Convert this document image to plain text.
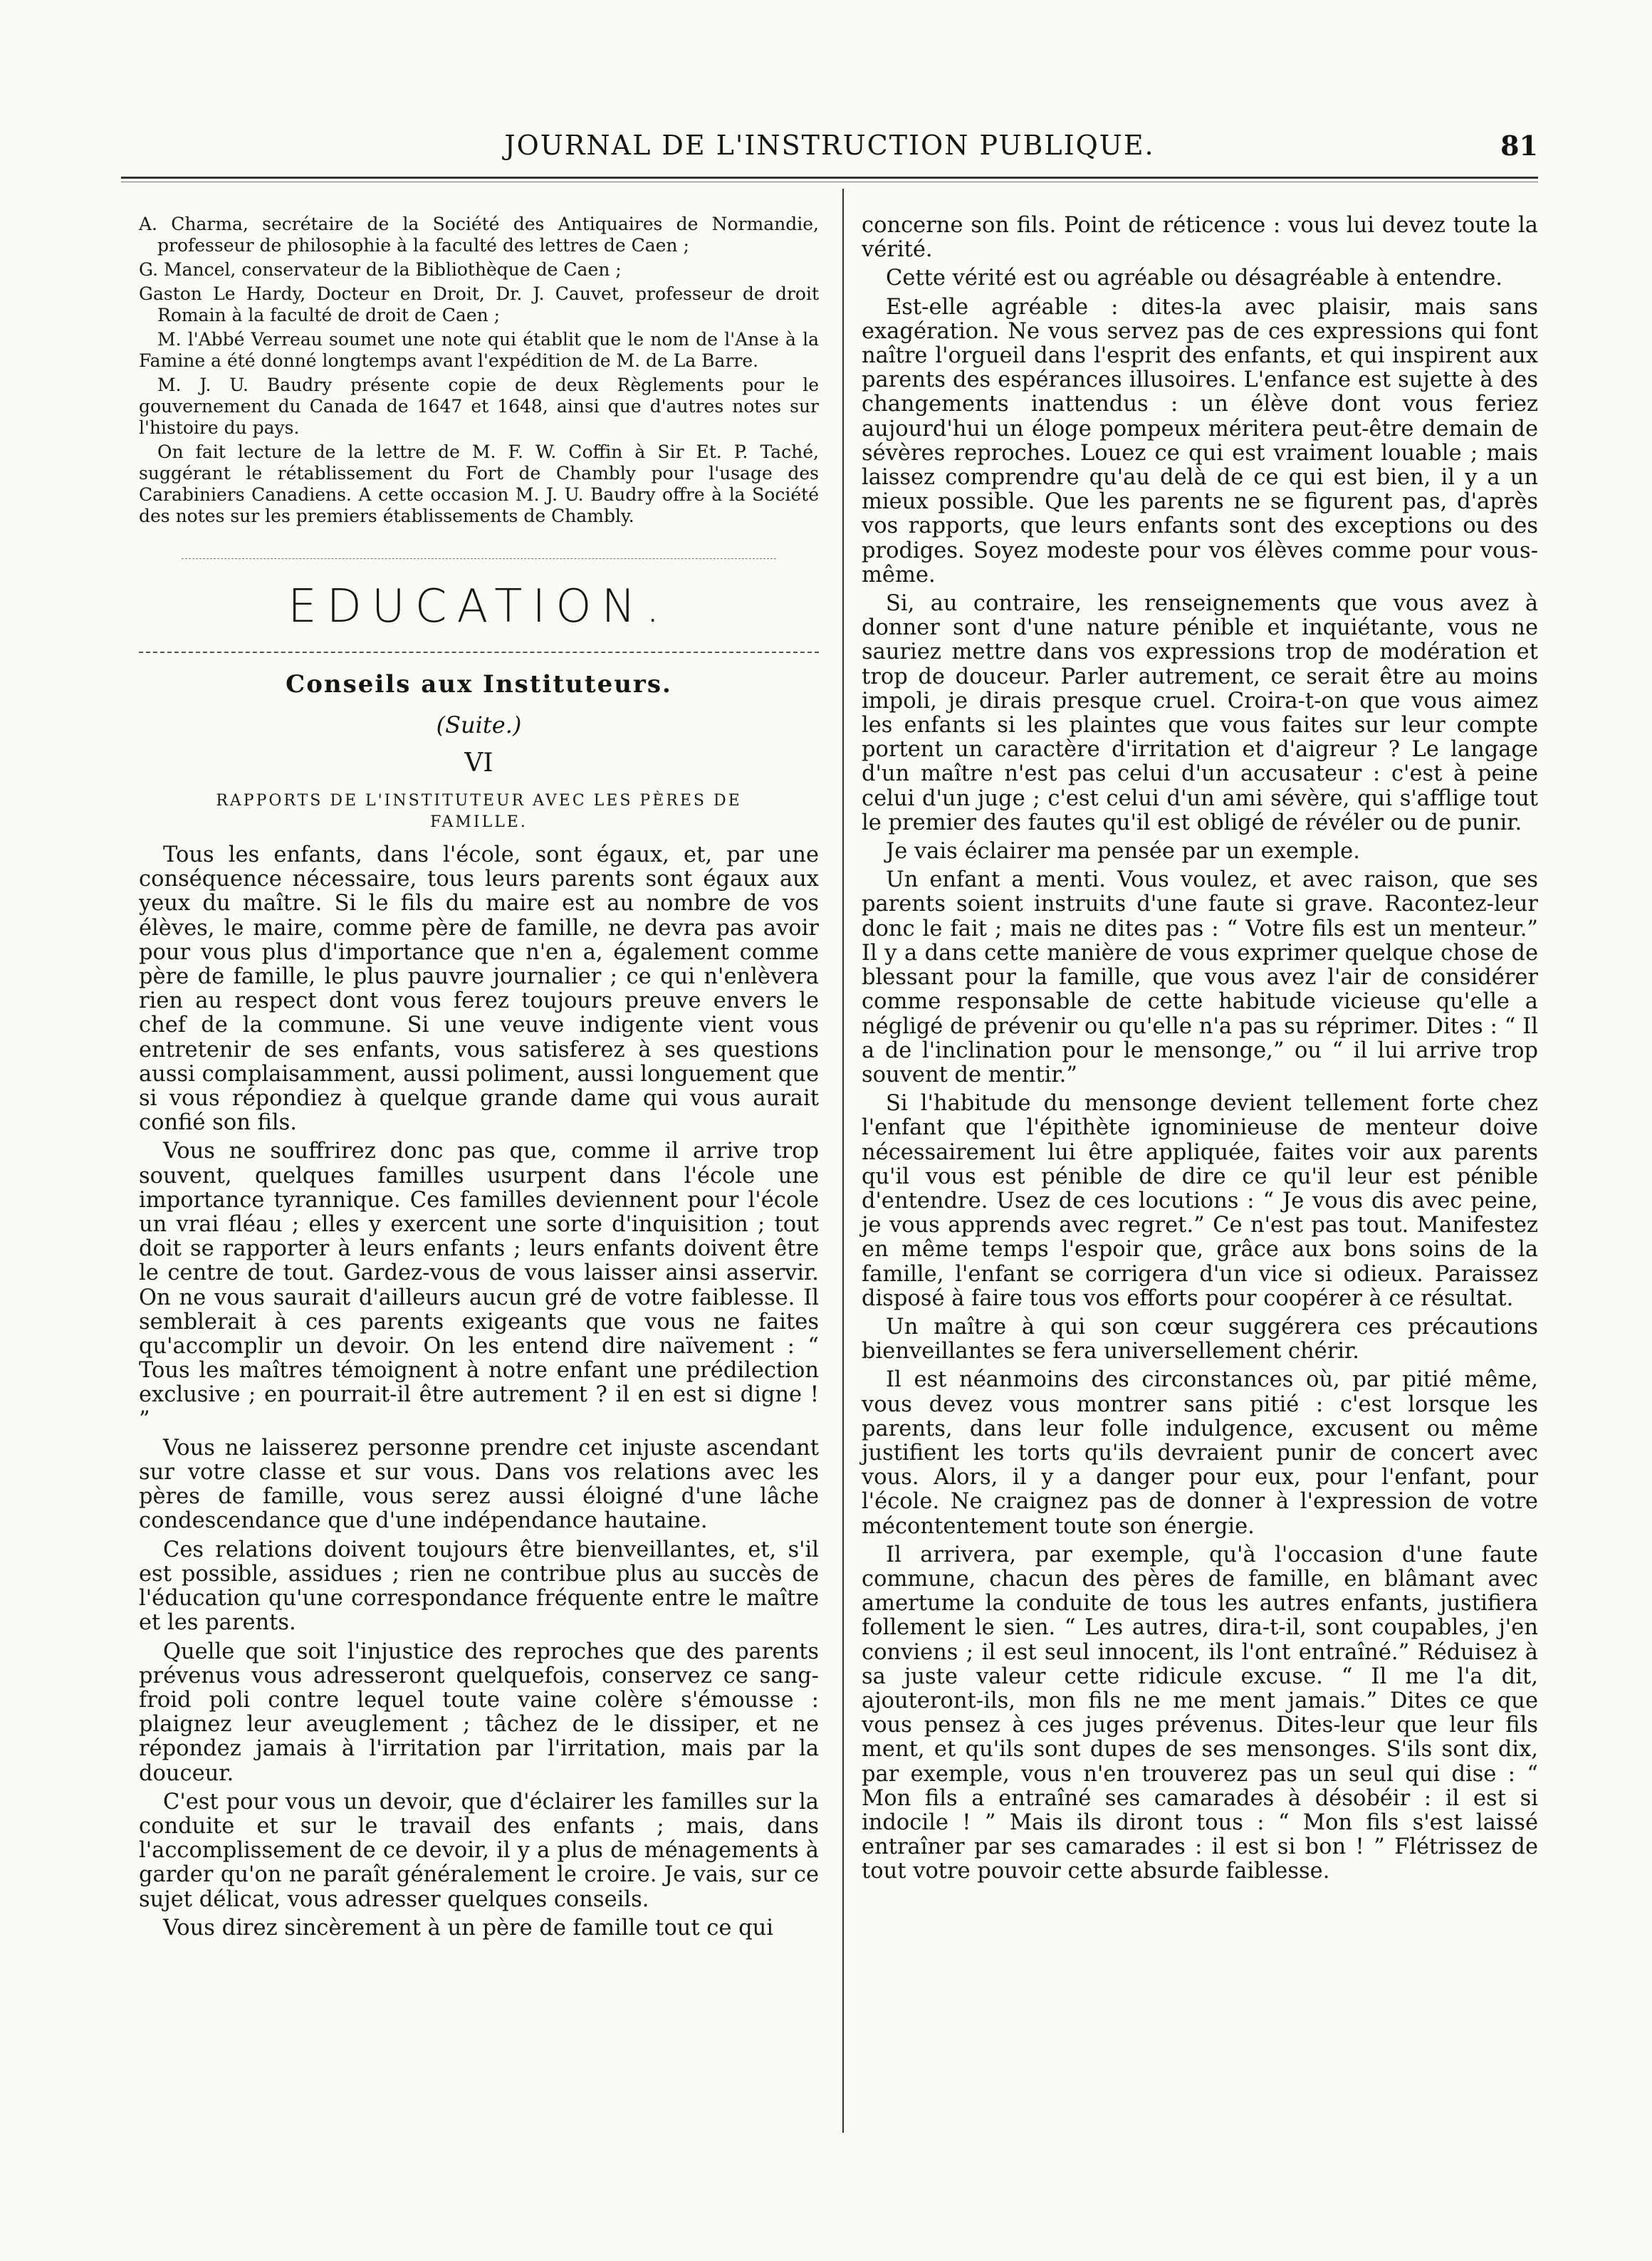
JOURNAL DE L'INSTRUCTION PUBLIQUE.	81

A. Charma, secrétaire de la Société des Antiquaires de Normandie, professeur de philosophie à la faculté des lettres de Caen ;

G. Mancel, conservateur de la Bibliothèque de Caen ;

Gaston Le Hardy, Docteur en Droit, Dr. J. Cauvet, professeur de droit Romain à la faculté de droit de Caen ;

M. l'Abbé Verreau soumet une note qui établit que le nom de l'Anse à la Famine a été donné longtemps avant l'expédition de M. de La Barre.

M. J. U. Baudry présente copie de deux Règlements pour le gouvernement du Canada de 1647 et 1648, ainsi que d'autres notes sur l'histoire du pays.

On fait lecture de la lettre de M. F. W. Coffin à Sir Et. P. Taché, suggérant le rétablissement du Fort de Chambly pour l'usage des Carabiniers Canadiens. A cette occasion M. J. U. Baudry offre à la Société des notes sur les premiers établissements de Chambly.

EDUCATION.
Conseils aux Instituteurs.
(Suite.)
VI
RAPPORTS DE L'INSTITUTEUR AVEC LES PÈRES DE FAMILLE.

Tous les enfants, dans l'école, sont égaux, et, par une conséquence nécessaire, tous leurs parents sont égaux aux yeux du maître. Si le fils du maire est au nombre de vos élèves, le maire, comme père de famille, ne devra pas avoir pour vous plus d'importance que n'en a, également comme père de famille, le plus pauvre journalier ; ce qui n'enlèvera rien au respect dont vous ferez toujours preuve envers le chef de la commune. Si une veuve indigente vient vous entretenir de ses enfants, vous satisferez à ses questions aussi complaisamment, aussi poliment, aussi longuement que si vous répondiez à quelque grande dame qui vous aurait confié son fils.

Vous ne souffrirez donc pas que, comme il arrive trop souvent, quelques familles usurpent dans l'école une importance tyrannique. Ces familles deviennent pour l'école un vrai fléau ; elles y exercent une sorte d'inquisition ; tout doit se rapporter à leurs enfants ; leurs enfants doivent être le centre de tout. Gardez-vous de vous laisser ainsi asservir. On ne vous saurait d'ailleurs aucun gré de votre faiblesse. Il semblerait à ces parents exigeants que vous ne faites qu'accomplir un devoir. On les entend dire naïvement : “ Tous les maîtres témoignent à notre enfant une prédilection exclusive ; en pourrait-il être autrement ? il en est si digne ! ”

Vous ne laisserez personne prendre cet injuste ascendant sur votre classe et sur vous. Dans vos relations avec les pères de famille, vous serez aussi éloigné d'une lâche condescendance que d'une indépendance hautaine.

Ces relations doivent toujours être bienveillantes, et, s'il est possible, assidues ; rien ne contribue plus au succès de l'éducation qu'une correspondance fréquente entre le maître et les parents.

Quelle que soit l'injustice des reproches que des parents prévenus vous adresseront quelquefois, conservez ce sang-froid poli contre lequel toute vaine colère s'émousse : plaignez leur aveuglement ; tâchez de le dissiper, et ne répondez jamais à l'irritation par l'irritation, mais par la douceur.

C'est pour vous un devoir, que d'éclairer les familles sur la conduite et sur le travail des enfants ; mais, dans l'accomplissement de ce devoir, il y a plus de ménagements à garder qu'on ne paraît généralement le croire. Je vais, sur ce sujet délicat, vous adresser quelques conseils.

Vous direz sincèrement à un père de famille tout ce qui

concerne son fils. Point de réticence : vous lui devez toute la vérité.

Cette vérité est ou agréable ou désagréable à entendre.

Est-elle agréable : dites-la avec plaisir, mais sans exagération. Ne vous servez pas de ces expressions qui font naître l'orgueil dans l'esprit des enfants, et qui inspirent aux parents des espérances illusoires. L'enfance est sujette à des changements inattendus : un élève dont vous feriez aujourd'hui un éloge pompeux méritera peut-être demain de sévères reproches. Louez ce qui est vraiment louable ; mais laissez comprendre qu'au delà de ce qui est bien, il y a un mieux possible. Que les parents ne se figurent pas, d'après vos rapports, que leurs enfants sont des exceptions ou des prodiges. Soyez modeste pour vos élèves comme pour vous-même.

Si, au contraire, les renseignements que vous avez à donner sont d'une nature pénible et inquiétante, vous ne sauriez mettre dans vos expressions trop de modération et trop de douceur. Parler autrement, ce serait être au moins impoli, je dirais presque cruel. Croira-t-on que vous aimez les enfants si les plaintes que vous faites sur leur compte portent un caractère d'irritation et d'aigreur ? Le langage d'un maître n'est pas celui d'un accusateur : c'est à peine celui d'un juge ; c'est celui d'un ami sévère, qui s'afflige tout le premier des fautes qu'il est obligé de révéler ou de punir.

Je vais éclairer ma pensée par un exemple.

Un enfant a menti. Vous voulez, et avec raison, que ses parents soient instruits d'une faute si grave. Racontez-leur donc le fait ; mais ne dites pas : “ Votre fils est un menteur.” Il y a dans cette manière de vous exprimer quelque chose de blessant pour la famille, que vous avez l'air de considérer comme responsable de cette habitude vicieuse qu'elle a négligé de prévenir ou qu'elle n'a pas su réprimer. Dites : “ Il a de l'inclination pour le mensonge,” ou “ il lui arrive trop souvent de mentir.”

Si l'habitude du mensonge devient tellement forte chez l'enfant que l'épithète ignominieuse de menteur doive nécessairement lui être appliquée, faites voir aux parents qu'il vous est pénible de dire ce qu'il leur est pénible d'entendre. Usez de ces locutions : “ Je vous dis avec peine, je vous apprends avec regret.” Ce n'est pas tout. Manifestez en même temps l'espoir que, grâce aux bons soins de la famille, l'enfant se corrigera d'un vice si odieux. Paraissez disposé à faire tous vos efforts pour coopérer à ce résultat.

Un maître à qui son cœur suggérera ces précautions bienveillantes se fera universellement chérir.

Il est néanmoins des circonstances où, par pitié même, vous devez vous montrer sans pitié : c'est lorsque les parents, dans leur folle indulgence, excusent ou même justifient les torts qu'ils devraient punir de concert avec vous. Alors, il y a danger pour eux, pour l'enfant, pour l'école. Ne craignez pas de donner à l'expression de votre mécontentement toute son énergie.

Il arrivera, par exemple, qu'à l'occasion d'une faute commune, chacun des pères de famille, en blâmant avec amertume la conduite de tous les autres enfants, justifiera follement le sien. “ Les autres, dira-t-il, sont coupables, j'en conviens ; il est seul innocent, ils l'ont entraîné.” Réduisez à sa juste valeur cette ridicule excuse. “ Il me l'a dit, ajouteront-ils, mon fils ne me ment jamais.” Dites ce que vous pensez à ces juges prévenus. Dites-leur que leur fils ment, et qu'ils sont dupes de ses mensonges. S'ils sont dix, par exemple, vous n'en trouverez pas un seul qui dise : “ Mon fils a entraîné ses camarades à désobéir : il est si indocile ! ” Mais ils diront tous : “ Mon fils s'est laissé entraîner par ses camarades : il est si bon ! ” Flétrissez de tout votre pouvoir cette absurde faiblesse.
